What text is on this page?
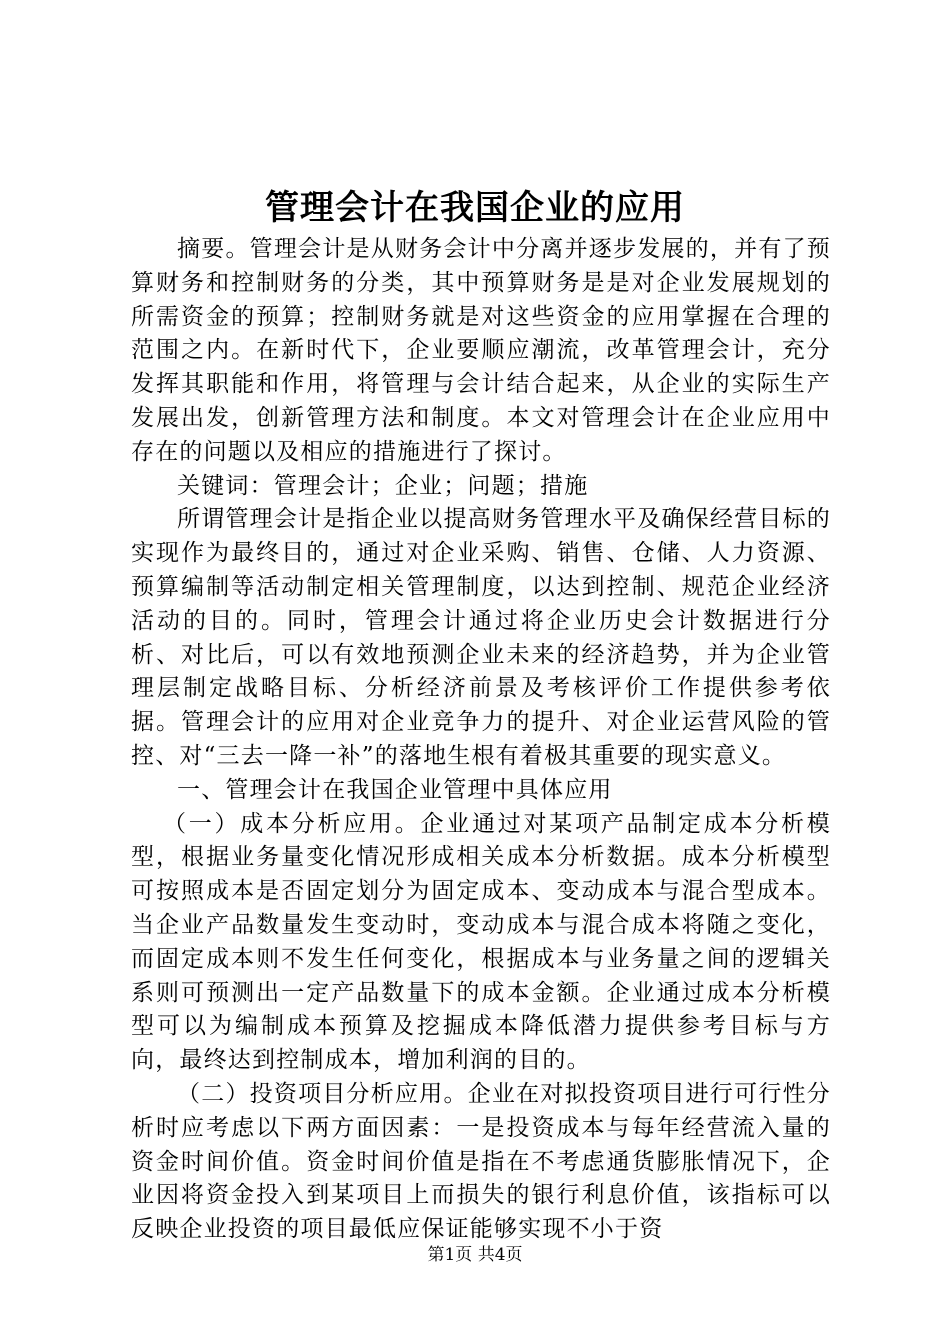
管理会计在我国企业的应用

摘要。管理会计是从财务会计中分离并逐步发展的，并有了预算财务和控制财务的分类，其中预算财务是是对企业发展规划的所需资金的预算；控制财务就是对这些资金的应用掌握在合理的范围之内。在新时代下，企业要顺应潮流，改革管理会计，充分发挥其职能和作用，将管理与会计结合起来，从企业的实际生产发展出发，创新管理方法和制度。本文对管理会计在企业应用中存在的问题以及相应的措施进行了探讨。

关键词：管理会计；企业；问题；措施

所谓管理会计是指企业以提高财务管理水平及确保经营目标的实现作为最终目的，通过对企业采购、销售、仓储、人力资源、预算编制等活动制定相关管理制度，以达到控制、规范企业经济活动的目的。同时，管理会计通过将企业历史会计数据进行分析、对比后，可以有效地预测企业未来的经济趋势，并为企业管理层制定战略目标、分析经济前景及考核评价工作提供参考依据。管理会计的应用对企业竞争力的提升、对企业运营风险的管控、对“三去一降一补”的落地生根有着极其重要的现实意义。

一、管理会计在我国企业管理中具体应用

（一）成本分析应用。企业通过对某项产品制定成本分析模型，根据业务量变化情况形成相关成本分析数据。成本分析模型可按照成本是否固定划分为固定成本、变动成本与混合型成本。当企业产品数量发生变动时，变动成本与混合成本将随之变化，而固定成本则不发生任何变化，根据成本与业务量之间的逻辑关系则可预测出一定产品数量下的成本金额。企业通过成本分析模型可以为编制成本预算及挖掘成本降低潜力提供参考目标与方向，最终达到控制成本，增加利润的目的。

（二）投资项目分析应用。企业在对拟投资项目进行可行性分析时应考虑以下两方面因素：一是投资成本与每年经营流入量的资金时间价值。资金时间价值是指在不考虑通货膨胀情况下，企业因将资金投入到某项目上而损失的银行利息价值，该指标可以反映企业投资的项目最低应保证能够实现不小于资

第1页 共4页
